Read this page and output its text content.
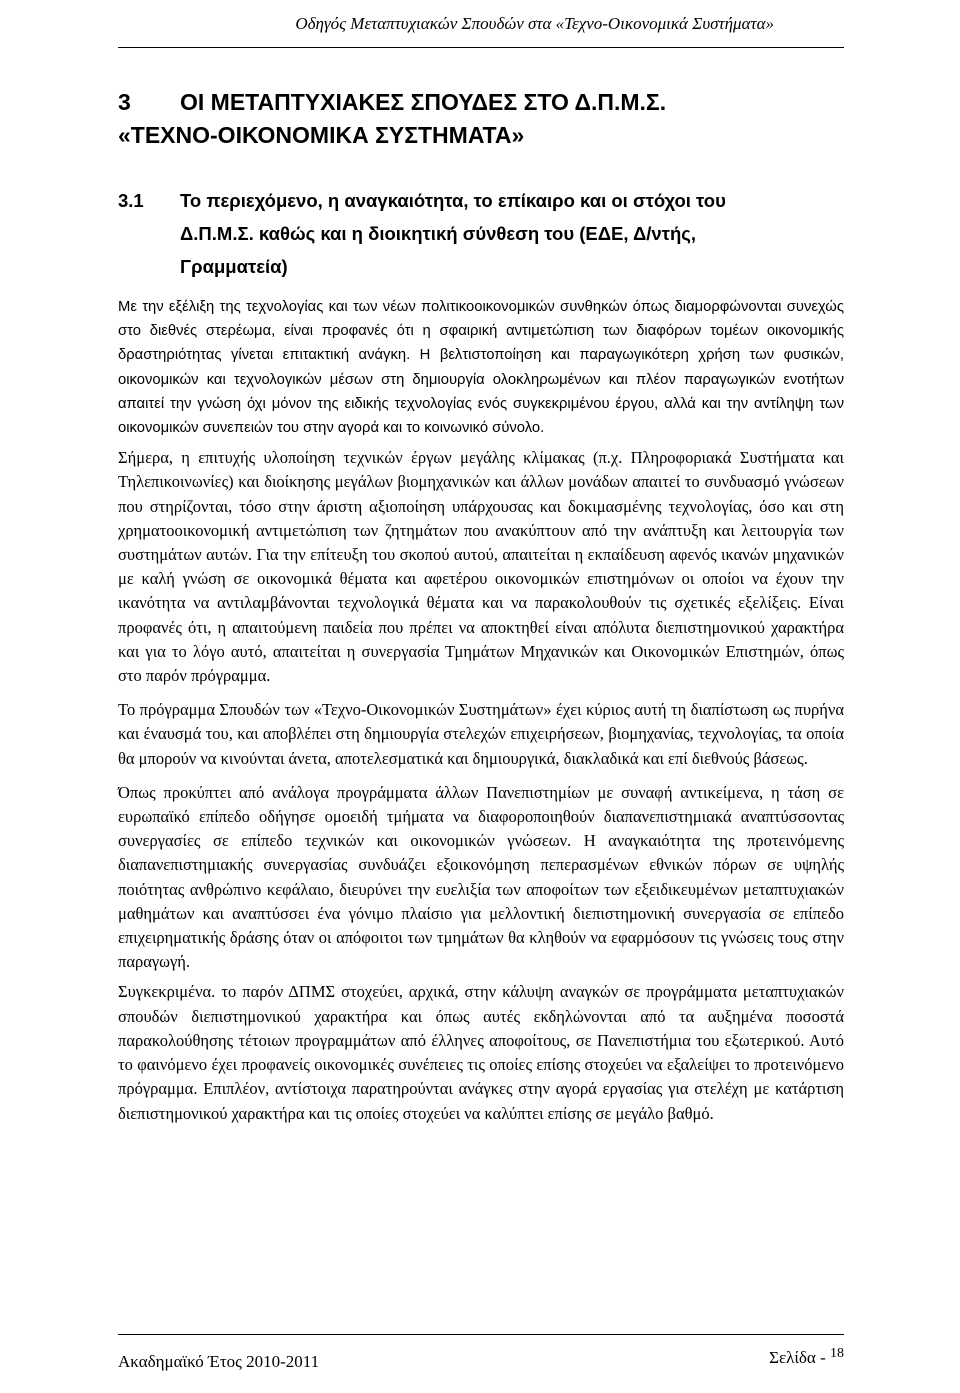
Οδηγός Μεταπτυχιακών Σπουδών στα «Τεχνο-Οικονομικά Συστήματα»
3	ΟΙ ΜΕΤΑΠΤΥΧΙΑΚΕΣ ΣΠΟΥΔΕΣ ΣΤΟ Δ.Π.Μ.Σ.
«ΤΕΧΝΟ-ΟΙΚΟΝΟΜΙΚΑ ΣΥΣΤΗΜΑΤΑ»
3.1	Το περιεχόμενο, η αναγκαιότητα, το επίκαιρο και οι στόχοι του
Δ.Π.Μ.Σ. καθώς και η διοικητική σύνθεση του (ΕΔΕ, Δ/ντής,
Γραμματεία)

Με την εξέλιξη της τεχνολογίας και των νέων πολιτικοοικονομικών συνθηκών όπως διαμορφώνονται συνεχώς στο διεθνές στερέωμα, είναι προφανές ότι η σφαιρική αντιμετώπιση των διαφόρων τομέων οικονομικής δραστηριότητας γίνεται επιτακτική ανάγκη. Η βελτιστοποίηση και παραγωγικότερη χρήση των φυσικών, οικονομικών και τεχνολογικών μέσων στη δημιουργία ολοκληρωμένων και πλέον παραγωγικών ενοτήτων απαιτεί την γνώση όχι μόνον της ειδικής τεχνολογίας ενός συγκεκριμένου έργου, αλλά και την αντίληψη των οικονομικών συνεπειών του στην αγορά και το κοινωνικό σύνολο.

Σήμερα, η επιτυχής υλοποίηση τεχνικών έργων μεγάλης κλίμακας (π.χ. Πληροφοριακά Συστήματα και Τηλεπικοινωνίες) και διοίκησης μεγάλων βιομηχανικών και άλλων μονάδων απαιτεί το συνδυασμό γνώσεων που στηρίζονται, τόσο στην άριστη αξιοποίηση υπάρχουσας και δοκιμασμένης τεχνολογίας, όσο και στη χρηματοοικονομική αντιμετώπιση των ζητημάτων που ανακύπτουν από την ανάπτυξη και λειτουργία των συστημάτων αυτών. Για την επίτευξη του σκοπού αυτού, απαιτείται η εκπαίδευση αφενός ικανών μηχανικών με καλή γνώση σε οικονομικά θέματα και αφετέρου οικονομικών επιστημόνων οι οποίοι να έχουν την ικανότητα να αντιλαμβάνονται τεχνολογικά θέματα και να παρακολουθούν τις σχετικές εξελίξεις. Είναι προφανές ότι, η απαιτούμενη παιδεία που πρέπει να αποκτηθεί είναι απόλυτα διεπιστημονικού χαρακτήρα και για το λόγο αυτό, απαιτείται η συνεργασία Τμημάτων Μηχανικών και Οικονομικών Επιστημών, όπως στο παρόν πρόγραμμα.

Το πρόγραμμα Σπουδών των «Τεχνο-Οικονομικών Συστημάτων» έχει κύριος αυτή τη διαπίστωση ως πυρήνα και έναυσμά του, και αποβλέπει στη δημιουργία στελεχών επιχειρήσεων, βιομηχανίας, τεχνολογίας, τα οποία θα μπορούν να κινούνται άνετα, αποτελεσματικά και δημιουργικά, διακλαδικά και επί διεθνούς βάσεως.

Όπως προκύπτει από ανάλογα προγράμματα άλλων Πανεπιστημίων με συναφή αντικείμενα, η τάση σε ευρωπαϊκό επίπεδο οδήγησε ομοειδή τμήματα να διαφοροποιηθούν διαπανεπιστημιακά αναπτύσσοντας συνεργασίες σε επίπεδο τεχνικών και οικονομικών γνώσεων. Η αναγκαιότητα της προτεινόμενης διαπανεπιστημιακής συνεργασίας συνδυάζει εξοικονόμηση πεπερασμένων εθνικών πόρων σε υψηλής ποιότητας ανθρώπινο κεφάλαιο, διευρύνει την ευελιξία των αποφοίτων των εξειδικευμένων μεταπτυχιακών μαθημάτων και αναπτύσσει ένα γόνιμο πλαίσιο για μελλοντική διεπιστημονική συνεργασία σε επίπεδο επιχειρηματικής δράσης όταν οι απόφοιτοι των τμημάτων θα κληθούν να εφαρμόσουν τις γνώσεις τους στην παραγωγή.

Συγκεκριμένα. το παρόν ΔΠΜΣ στοχεύει, αρχικά, στην κάλυψη αναγκών σε προγράμματα μεταπτυχιακών σπουδών διεπιστημονικού χαρακτήρα και όπως αυτές εκδηλώνονται από τα αυξημένα ποσοστά παρακολούθησης τέτοιων προγραμμάτων από έλληνες αποφοίτους, σε Πανεπιστήμια του εξωτερικού. Αυτό το φαινόμενο έχει προφανείς οικονομικές συνέπειες τις οποίες επίσης στοχεύει να εξαλείψει το προτεινόμενο πρόγραμμα. Επιπλέον, αντίστοιχα παρατηρούνται ανάγκες στην αγορά εργασίας για στελέχη με κατάρτιση διεπιστημονικού χαρακτήρα και τις οποίες στοχεύει να καλύπτει επίσης σε μεγάλο βαθμό.

Ακαδημαϊκό Έτος 2010-2011	Σελίδα - $^{18}$
